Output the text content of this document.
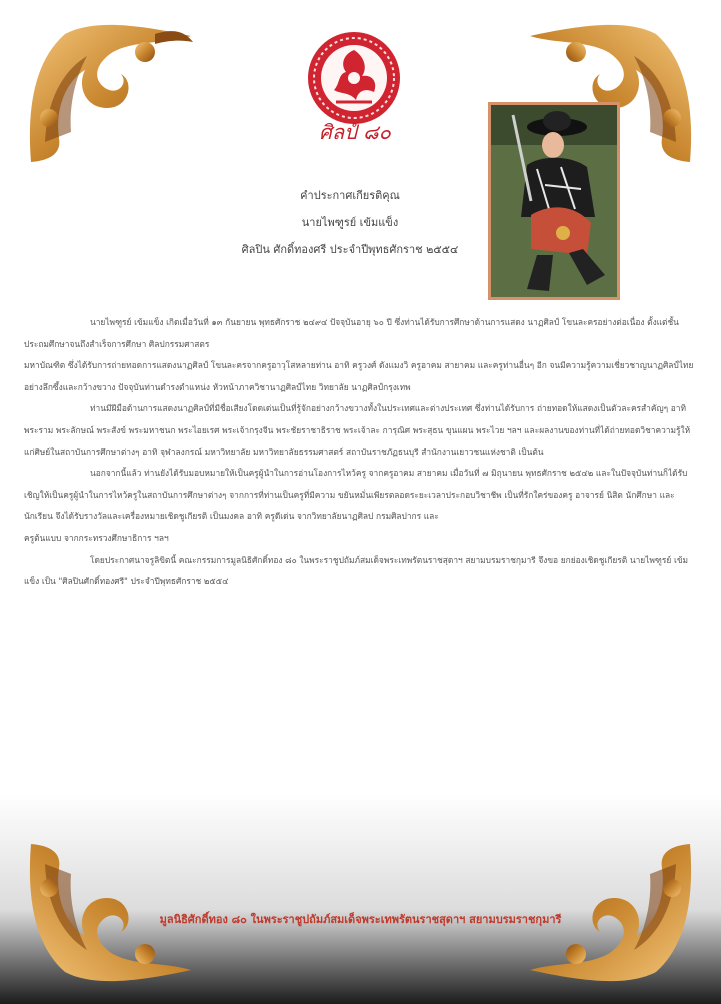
ศิลป์ ๘๐
คำประกาศเกียรติคุณ
นายไพฑูรย์ เข้มแข็ง
ศิลปิน ศักดิ์ทองศรี ประจำปีพุทธศักราช ๒๕๕๔

นายไพฑูรย์ เข้มแข็ง เกิดเมื่อวันที่ ๑๓ กันยายน พุทธศักราช ๒๔๙๔ ปัจจุบันอายุ ๖๐ ปี ซึ่งท่านได้รับการศึกษาด้านการแสดง นาฏศิลป์ โขนละครอย่างต่อเนื่อง ตั้งแต่ชั้นประถมศึกษาจนถึงสำเร็จการศึกษา ศิลปกรรมศาสตร

มหาบัณฑิต ซึ่งได้รับการถ่ายทอดการแสดงนาฏศิลป์ โขนละครจากครูอาวุโสหลายท่าน อาทิ ครูวงศ์ ดังแมงวิ ครูอาคม สายาคม และครูท่านอื่นๆ อีก จนมีความรู้ความเชี่ยวชาญนาฏศิลป์ไทยอย่างลึกซึ้งและกว้างขวาง ปัจจุบันท่านดำรงตำแหน่ง หัวหน้าภาควิชานาฏศิลป์ไทย วิทยาลัย นาฏศิลป์กรุงเทพ

ท่านมีฝีมือด้านการแสดงนาฏศิลป์ที่มีชื่อเสียงโดดเด่นเป็นที่รู้จักอย่างกว้างขวางทั้งในประเทศและต่างประเทศ ซึ่งท่านได้รับการ ถ่ายทอดให้แสดงเป็นตัวละครสำคัญๆ อาทิ พระราม พระลักษณ์ พระสังข์ พระมหาชนก พระไอยเรศ พระเจ้ากรุงจีน พระชัยราชาธิราช พระเจ้าละ การุณิศ พระสุธน ขุนแผน พระไวย ฯลฯ และผลงานของท่านที่ได้ถ่ายทอดวิชาความรู้ให้แก่ศิษย์ในสถาบันการศึกษาต่างๆ อาทิ จุฬาลงกรณ์ มหาวิทยาลัย มหาวิทยาลัยธรรมศาสตร์ สถาบันราชภัฏธนบุรี สำนักงานเยาวชนแห่งชาติ เป็นต้น

นอกจากนี้แล้ว ท่านยังได้รับมอบหมายให้เป็นครูผู้นำในการอ่านโองการไหว้ครู จากครูอาคม สายาคม เมื่อวันที่ ๗ มิถุนายน พุทธศักราช ๒๕๔๒ และในปัจจุบันท่านก็ได้รับเชิญให้เป็นครูผู้นำในการไหว้ครูในสถาบันการศึกษาต่างๆ จากการที่ท่านเป็นครูที่มีความ ขยันหมั่นเพียรตลอดระยะเวลาประกอบวิชาชีพ เป็นที่รักใคร่ของครู อาจารย์ นิสิต นักศึกษา และนักเรียน จึงได้รับรางวัลและเครื่องหมายเชิดชูเกียรติ เป็นมงคล อาทิ ครูดีเด่น จากวิทยาลัยนาฏศิลป กรมศิลปากร และ

ครูต้นแบบ จากกระทรวงศึกษาธิการ ฯลฯ

โดยประกาศนาจรูลิขิตนี้ คณะกรรมการมูลนิธิศักดิ์ทอง ๘๐ ในพระราชูปถัมภ์สมเด็จพระเทพรัตนราชสุดาฯ สยามบรมราชกุมารี จึงขอ ยกย่องเชิดชูเกียรติ นายไพฑูรย์ เข้มแข็ง เป็น "ศิลปินศักดิ์ทองศรี" ประจำปีพุทธศักราช ๒๕๕๔

มูลนิธิศักดิ์ทอง ๘๐ ในพระราชูปถัมภ์สมเด็จพระเทพรัตนราชสุดาฯ สยามบรมราชกุมารี
